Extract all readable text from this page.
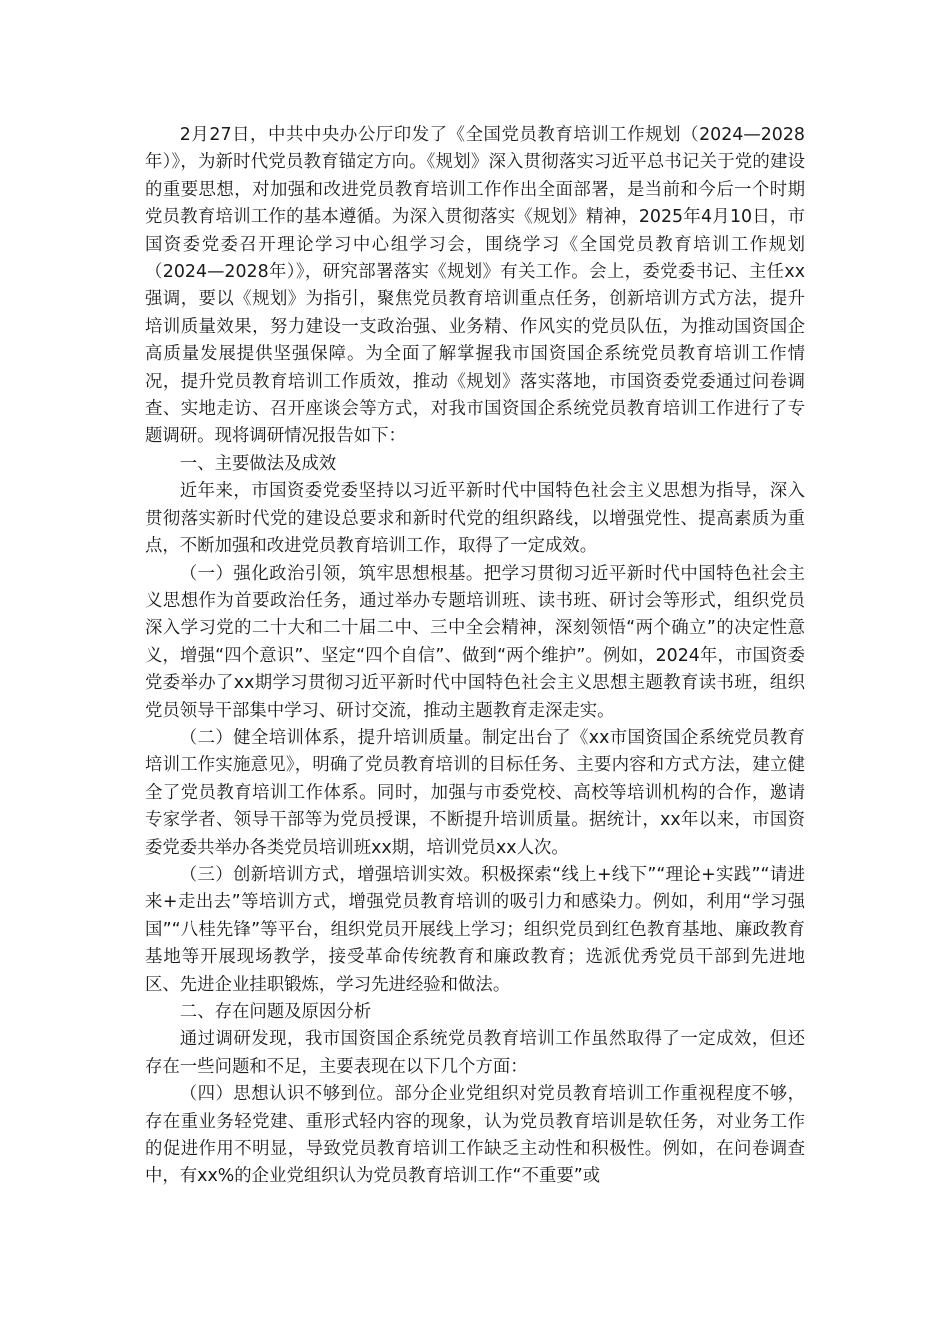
2月27日，中共中央办公厅印发了《全国党员教育培训工作规划（2024—2028年）》，为新时代党员教育锚定方向。《规划》深入贯彻落实习近平总书记关于党的建设的重要思想，对加强和改进党员教育培训工作作出全面部署，是当前和今后一个时期党员教育培训工作的基本遵循。为深入贯彻落实《规划》精神，2025年4月10日，市国资委党委召开理论学习中心组学习会，围绕学习《全国党员教育培训工作规划（2024—2028年）》，研究部署落实《规划》有关工作。会上，委党委书记、主任xx强调，要以《规划》为指引，聚焦党员教育培训重点任务，创新培训方式方法，提升培训质量效果，努力建设一支政治强、业务精、作风实的党员队伍，为推动国资国企高质量发展提供坚强保障。为全面了解掌握我市国资国企系统党员教育培训工作情况，提升党员教育培训工作质效，推动《规划》落实落地，市国资委党委通过问卷调查、实地走访、召开座谈会等方式，对我市国资国企系统党员教育培训工作进行了专题调研。现将调研情况报告如下：

一、主要做法及成效

近年来，市国资委党委坚持以习近平新时代中国特色社会主义思想为指导，深入贯彻落实新时代党的建设总要求和新时代党的组织路线，以增强党性、提高素质为重点，不断加强和改进党员教育培训工作，取得了一定成效。

（一）强化政治引领，筑牢思想根基。把学习贯彻习近平新时代中国特色社会主义思想作为首要政治任务，通过举办专题培训班、读书班、研讨会等形式，组织党员深入学习党的二十大和二十届二中、三中全会精神，深刻领悟“两个确立”的决定性意义，增强“四个意识”、坚定“四个自信”、做到“两个维护”。例如，2024年，市国资委党委举办了xx期学习贯彻习近平新时代中国特色社会主义思想主题教育读书班，组织党员领导干部集中学习、研讨交流，推动主题教育走深走实。

（二）健全培训体系，提升培训质量。制定出台了《xx市国资国企系统党员教育培训工作实施意见》，明确了党员教育培训的目标任务、主要内容和方式方法，建立健全了党员教育培训工作体系。同时，加强与市委党校、高校等培训机构的合作，邀请专家学者、领导干部等为党员授课，不断提升培训质量。据统计，xx年以来，市国资委党委共举办各类党员培训班xx期，培训党员xx人次。

（三）创新培训方式，增强培训实效。积极探索“线上+线下”“理论+实践”“请进来+走出去”等培训方式，增强党员教育培训的吸引力和感染力。例如，利用“学习强国”“八桂先锋”等平台，组织党员开展线上学习；组织党员到红色教育基地、廉政教育基地等开展现场教学，接受革命传统教育和廉政教育；选派优秀党员干部到先进地区、先进企业挂职锻炼，学习先进经验和做法。

二、存在问题及原因分析

通过调研发现，我市国资国企系统党员教育培训工作虽然取得了一定成效，但还存在一些问题和不足，主要表现在以下几个方面：

（四）思想认识不够到位。部分企业党组织对党员教育培训工作重视程度不够，存在重业务轻党建、重形式轻内容的现象，认为党员教育培训是软任务，对业务工作的促进作用不明显，导致党员教育培训工作缺乏主动性和积极性。例如，在问卷调查中，有xx%的企业党组织认为党员教育培训工作“不重要”或
